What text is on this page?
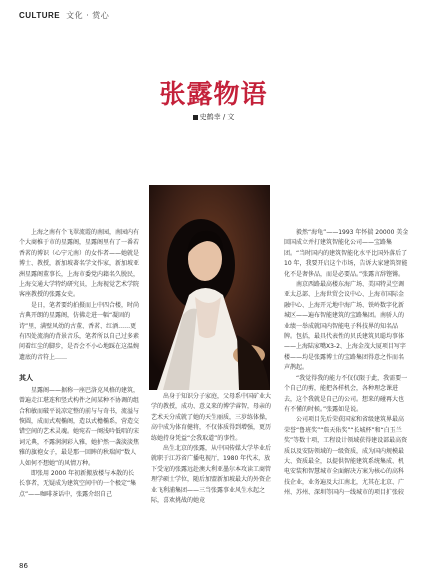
CULTURE 文化 · 赏心
张露物语
史鹤幸 / 文

上海之南有个飞翠流霞的南园，南园内有个大商椎于市的星露阁，星露阁里有了一番若香茗的博识（心宁元南）的女作者——她就是博士、教授，新加坡著名学文作家，新加坡亚洲星露阁董事长，上海市委党内籍名久脱民，上海交通大学特约研究员，上海视觉艺术学院客座教授的张露女史。

是日，笔者要约拍摄而上中四合楼，时尚古典开朗的星露阁，仿佛走进一幅“凝固的诗”里，满壁风幼的古董、香茗、红酒……更有四处流淌的背景音乐，笔者所以自己过多素问着红尘的脚步，是否会不小心地踩在这温婉遗底的音符上……

其人

星露阁——据称一座巴洛克风格的建筑，曾遍走江堪连和竖式构件之间某种不协调的组合和敏而破平说凉定整的前与与奇书，流溢与恢圆，成而式观椭阁，造以式檐椭系，营造交错空间的艺术灵魂。她宛若一阕浅吟低唱的宋词元典，不露润润彩入雅，她护然一袭淡淡焦雅的旗袍女子，最是那一回眸的秋瑞间“数人人如何不想她”的风情万种。

即张用 2000 年初新搬放楼与本散的长长事者，无疑成为建筑空间中的一个极定“集点”——咖啡茶话中，张露介绍自己

出身于知识分子家庭，父母系中国矿业大学的教授，成功、意义来的博学睿智，母亲的艺术天分成就了她的天生丽质，三岁练体操，高中成为体育健将，不仅体质得到增强，更历练她持身凭益“会我取道”的事性。

出生北京的张露，从中国传媒大学毕业后就职于江苏省广播电视厅，1980 年代末，放下受宠的张露远赴澳大利亚墨尔本攻读工商管理学硕士学位，随后加盟新加坡最大的外资企业飞利浦集团——三当张露事业风生水起之际，喜欢挑战的她竟

毅然“海龟”——1993 年怀揣 20000 美金回国成立并打建筑智能化公司——宝路集团。“当时国内的建筑智能化水平比国外落后了 10 年，我要开启这个市场，告诉大家建筑智能化不是奢侈品，而是必要品。”张露言辞铿锵。

南京西路最高楼东海广场、美国特灵空调亚太总部、上海世贸会议中心、上海市国际金融中心、上海开元地中海广场、铁岭数字化新城区——遍布智能建筑的宝路集团。南骄人的业绩一举成就国内智能电子科技界的知名品牌。包括，最具代表性的贝氏建筑贝聪均事体——上海陆家嘴X3-2、上海金茂大厦项目写字楼——均是张露博士的宝路集团得意之作而名声鹊起。

“我觉得我的能力不仅仅限于此，我需要一个自己的剪，能把各样机会，各种理念课进去，这个我就是自己的公司。想来的碰再大也有不懂的时候。”张露如是说。

公司项目先后荣获国家和省级建筑界最高荣誉“鲁班奖”“詹天佑奖”“长城杯”和“白玉兰奖”等数十项，工程设计领域获得建设部最高资质以及安防领域的一级资质，成为国内规模最大、资质最全，以提供智能建筑系统集成、机电安装和智慧城市全面解决方案为核心的高科技企业，业务遍及大江南北，尤其在北京、广州、苏州、深圳等国内一线城市的项目扩张较

86
